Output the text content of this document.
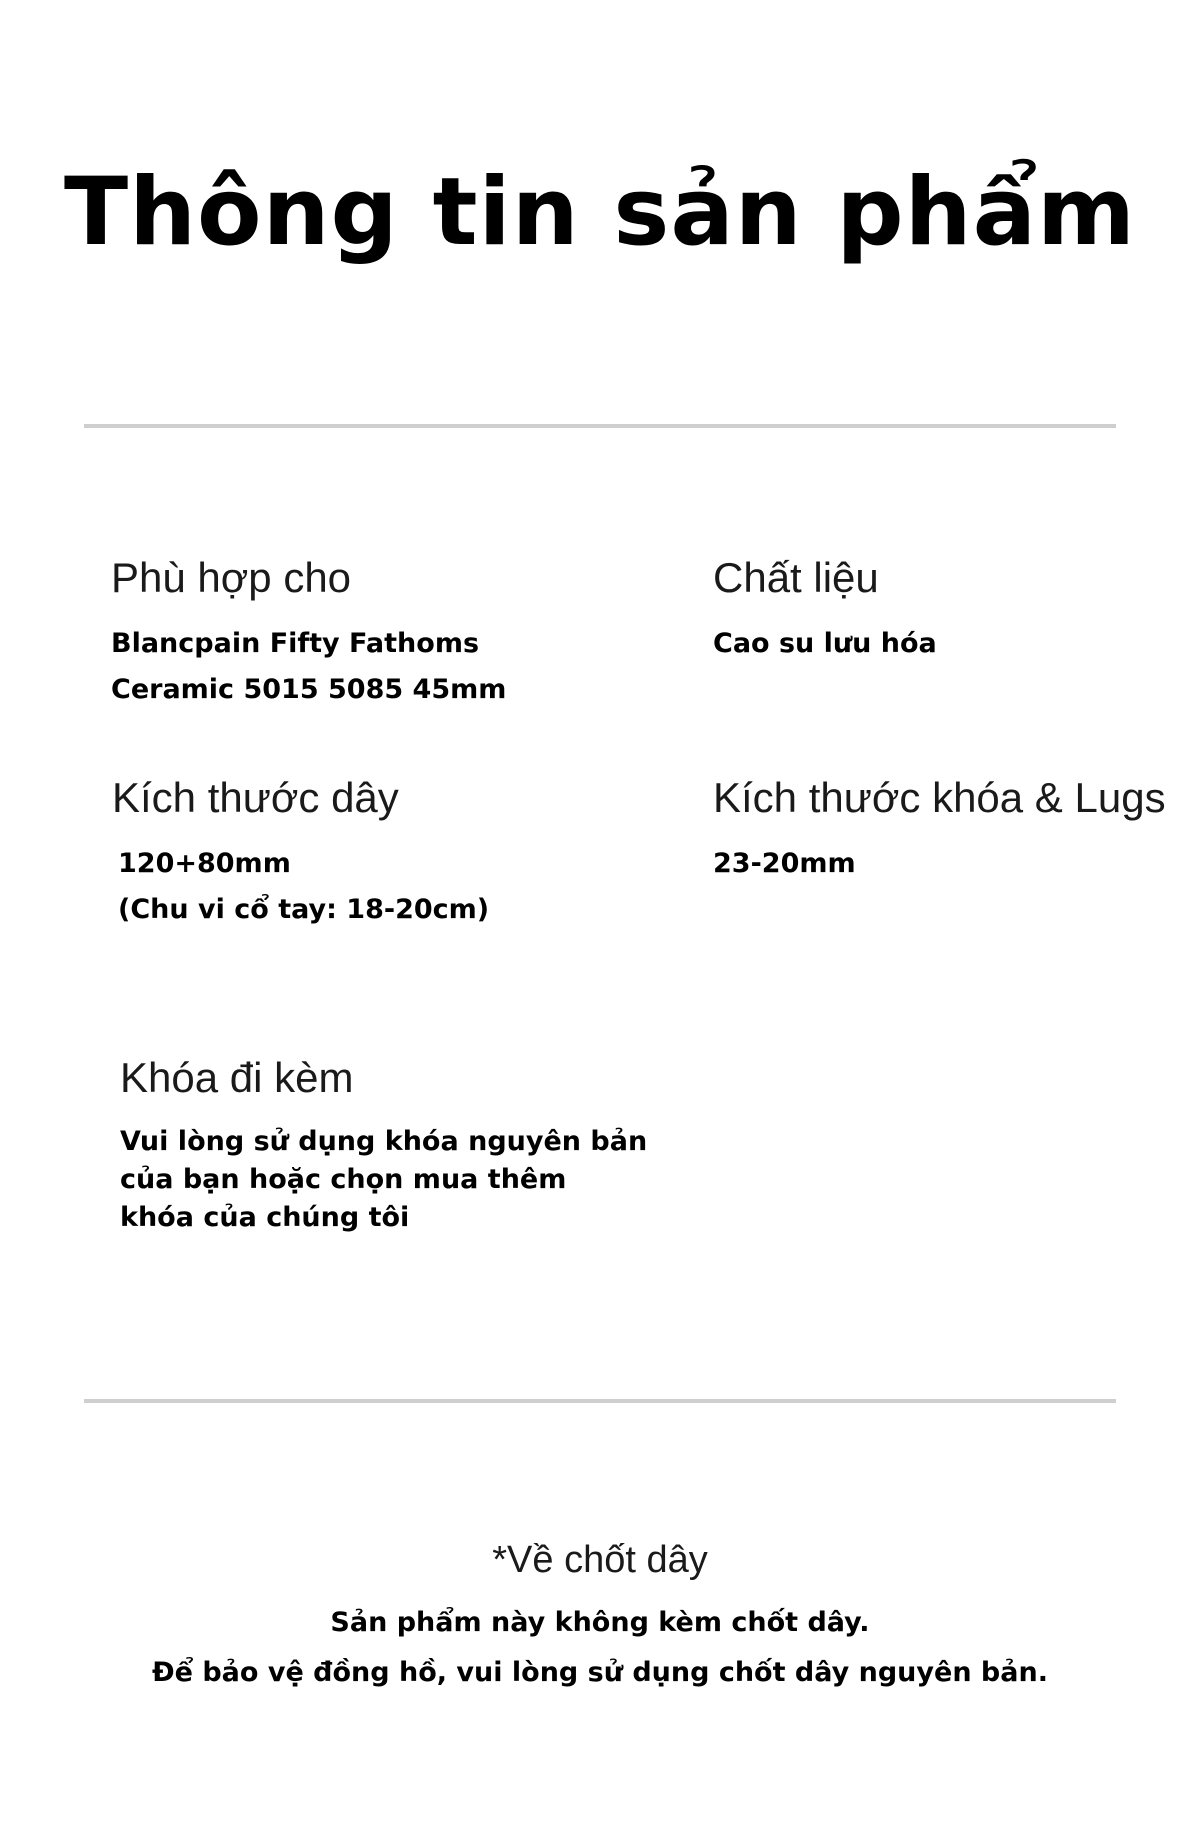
Thông tin sản phẩm
Phù hợp cho
Blancpain Fifty Fathoms
Ceramic 5015 5085 45mm
Chất liệu
Cao su lưu hóa
Kích thước dây
120+80mm
(Chu vi cổ tay: 18-20cm)
Kích thước khóa & Lugs
23-20mm
Khóa đi kèm
Vui lòng sử dụng khóa nguyên bản
của bạn hoặc chọn mua thêm
khóa của chúng tôi
*Về chốt dây
Sản phẩm này không kèm chốt dây.
Để bảo vệ đồng hồ, vui lòng sử dụng chốt dây nguyên bản.
